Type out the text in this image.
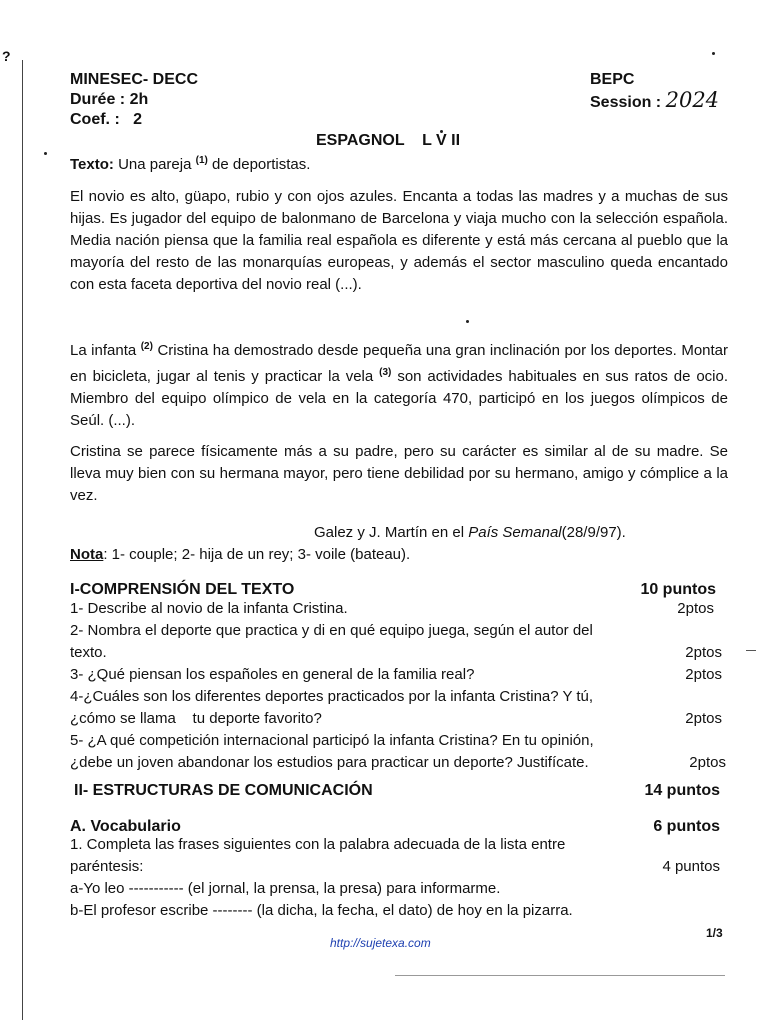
?
MINESEC- DECC
Durée : 2h
Coef. :   2
BEPC
Session : 2024
ESPAGNOL    L V II
Texto: Una pareja $^{(1)}$ de deportistas.
El novio es alto, güapo, rubio y con ojos azules. Encanta a todas las madres y a muchas de sus hijas. Es jugador del equipo de balonmano de Barcelona y viaja mucho con la selección española. Media nación piensa que la familia real española es diferente y está más cercana al pueblo que la mayoría del resto de las monarquías europeas, y además el sector masculino queda encantado con esta faceta deportiva del novio real (...).
La infanta $^{(2)}$ Cristina ha demostrado desde pequeña una gran inclinación por los deportes. Montar en bicicleta, jugar al tenis y practicar la vela $^{(3)}$ son actividades habituales en sus ratos de ocio. Miembro del equipo olímpico de vela en la categoría 470, participó en los juegos olímpicos de Seúl. (...).
Cristina se parece físicamente más a su padre, pero su carácter es similar al de su madre. Se lleva muy bien con su hermana mayor, pero tiene debilidad por su hermano, amigo y cómplice a la vez.
Galez y J. Martín en el País Semanal(28/9/97).
Nota: 1- couple; 2- hija de un rey; 3- voile (bateau).
I-COMPRENSIÓN DEL TEXTO	10 puntos
1- Describe al novio de la infanta Cristina.	2ptos
2- Nombra el deporte que practica y di en qué equipo juega, según el autor del
texto.	2ptos
3- ¿Qué piensan los españoles en general de la familia real?	2ptos
4-¿Cuáles son los diferentes deportes practicados por la infanta Cristina? Y tú,
¿cómo se llama    tu deporte favorito?	2ptos
5- ¿A qué competición internacional participó la infanta Cristina? En tu opinión,
¿debe un joven abandonar los estudios para practicar un deporte? Justifícate.	2ptos
II- ESTRUCTURAS DE COMUNICACIÓN	14 puntos
A. Vocabulario	6 puntos
1. Completa las frases siguientes con la palabra adecuada de la lista entre
paréntesis:	4 puntos
a-Yo leo ----------- (el jornal, la prensa, la presa) para informarme.
b-El profesor escribe -------- (la dicha, la fecha, el dato) de hoy en la pizarra.
1/3
http://sujetexa.com
